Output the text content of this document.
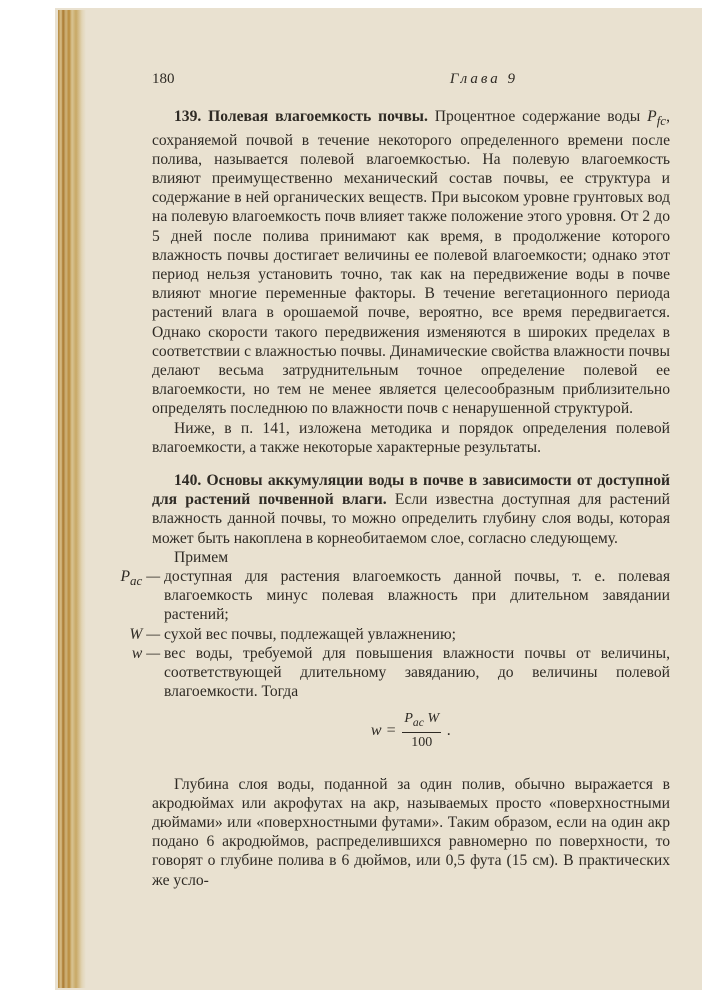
180	Глава 9

139. Полевая влагоемкость почвы. Процентное содержание воды $P_{fc}$, сохраняемой почвой в течение некоторого определенного времени после полива, называется полевой влагоемкостью. На полевую влагоемкость влияют преимущественно механический состав почвы, ее структура и содержание в ней органических веществ. При высоком уровне грунтовых вод на полевую влагоемкость почв влияет также положение этого уровня. От 2 до 5 дней после полива принимают как время, в продолжение которого влажность почвы достигает величины ее полевой влагоемкости; однако этот период нельзя установить точно, так как на передвижение воды в почве влияют многие переменные факторы. В течение вегетационного периода растений влага в орошаемой почве, вероятно, все время передвигается. Однако скорости такого передвижения изменяются в широких пределах в соответствии с влажностью почвы. Динамические свойства влажности почвы делают весьма затруднительным точное определение полевой ее влагоемкости, но тем не менее является целесообразным приблизительно определять последнюю по влажности почв с ненарушенной структурой.

Ниже, в п. 141, изложена методика и порядок определения полевой влагоемкости, а также некоторые характерные результаты.

140. Основы аккумуляции воды в почве в зависимости от доступной для растений почвенной влаги. Если известна доступная для растений влажность данной почвы, то можно определить глубину слоя воды, которая может быть накоплена в корнеобитаемом слое, согласно следующему.

Примем

$P_{ac}$ — доступная для растения влагоемкость данной почвы, т. е. полевая влагоемкость минус полевая влажность при длительном завядании растений;
W — сухой вес почвы, подлежащей увлажнению;
w — вес воды, требуемой для повышения влажности почвы от величины, соответствующей длительному завяданию, до величины полевой влагоемкости. Тогда
$w = \frac{P_{ac} W}{100}$ .

Глубина слоя воды, поданной за один полив, обычно выражается в акродюймах или акрофутах на акр, называемых просто «поверхностными дюймами» или «поверхностными футами». Таким образом, если на один акр подано 6 акродюймов, распределившихся равномерно по поверхности, то говорят о глубине полива в 6 дюймов, или 0,5 фута (15 см). В практических же усло-
